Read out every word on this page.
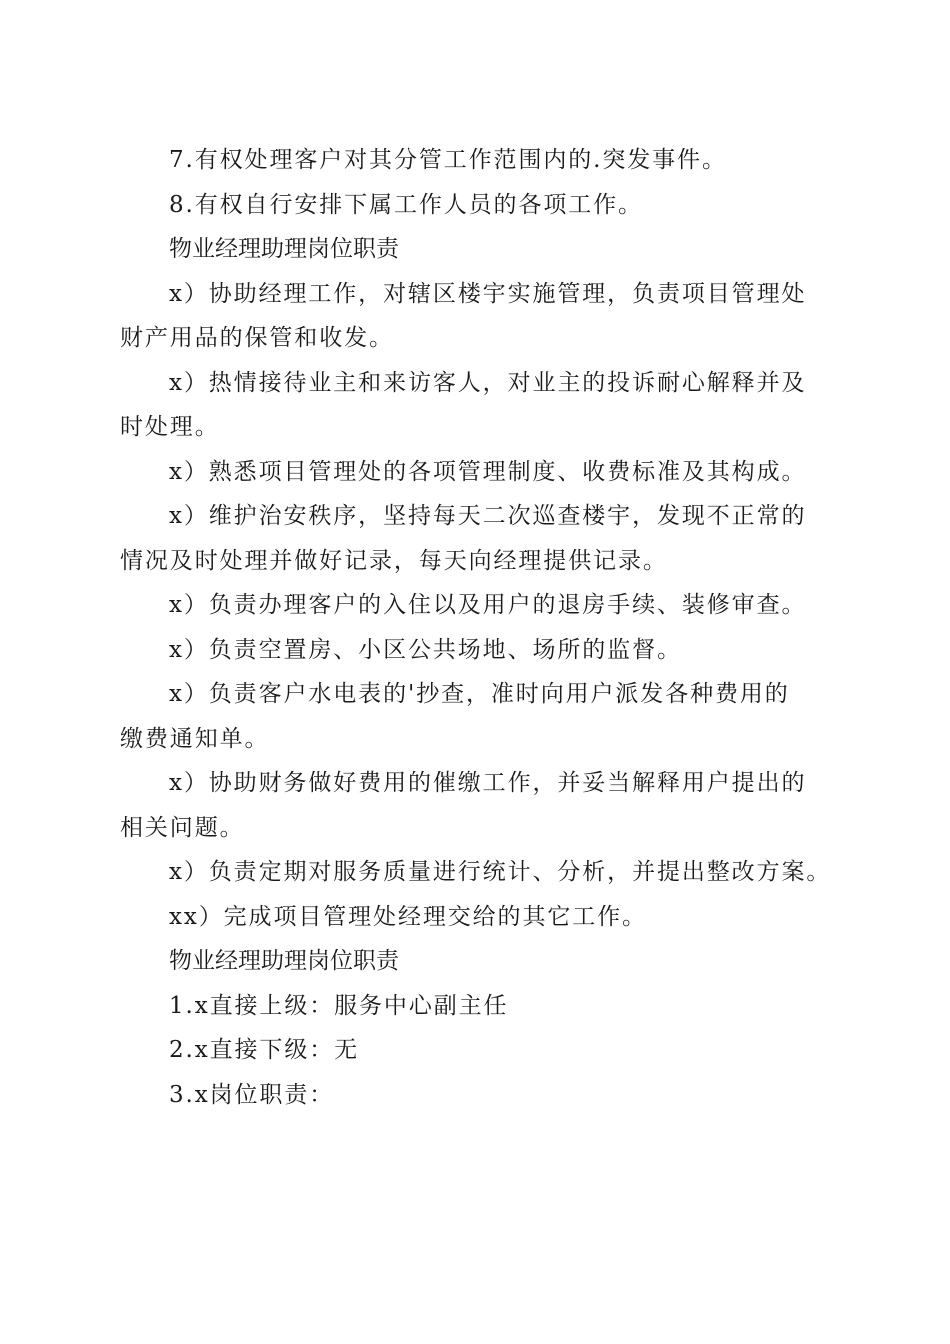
7.有权处理客户对其分管工作范围内的.突发事件。

8.有权自行安排下属工作人员的各项工作。

物业经理助理岗位职责

x）协助经理工作，对辖区楼宇实施管理，负责项目管理处

财产用品的保管和收发。

x）热情接待业主和来访客人，对业主的投诉耐心解释并及

时处理。

x）熟悉项目管理处的各项管理制度、收费标准及其构成。

x）维护治安秩序，坚持每天二次巡查楼宇，发现不正常的

情况及时处理并做好记录，每天向经理提供记录。

x）负责办理客户的入住以及用户的退房手续、装修审查。

x）负责空置房、小区公共场地、场所的监督。

x）负责客户水电表的'抄查，准时向用户派发各种费用的

缴费通知单。

x）协助财务做好费用的催缴工作，并妥当解释用户提出的

相关问题。

x）负责定期对服务质量进行统计、分析，并提出整改方案。

xx）完成项目管理处经理交给的其它工作。

物业经理助理岗位职责

1.x直接上级：服务中心副主任

2.x直接下级：无

3.x岗位职责：
